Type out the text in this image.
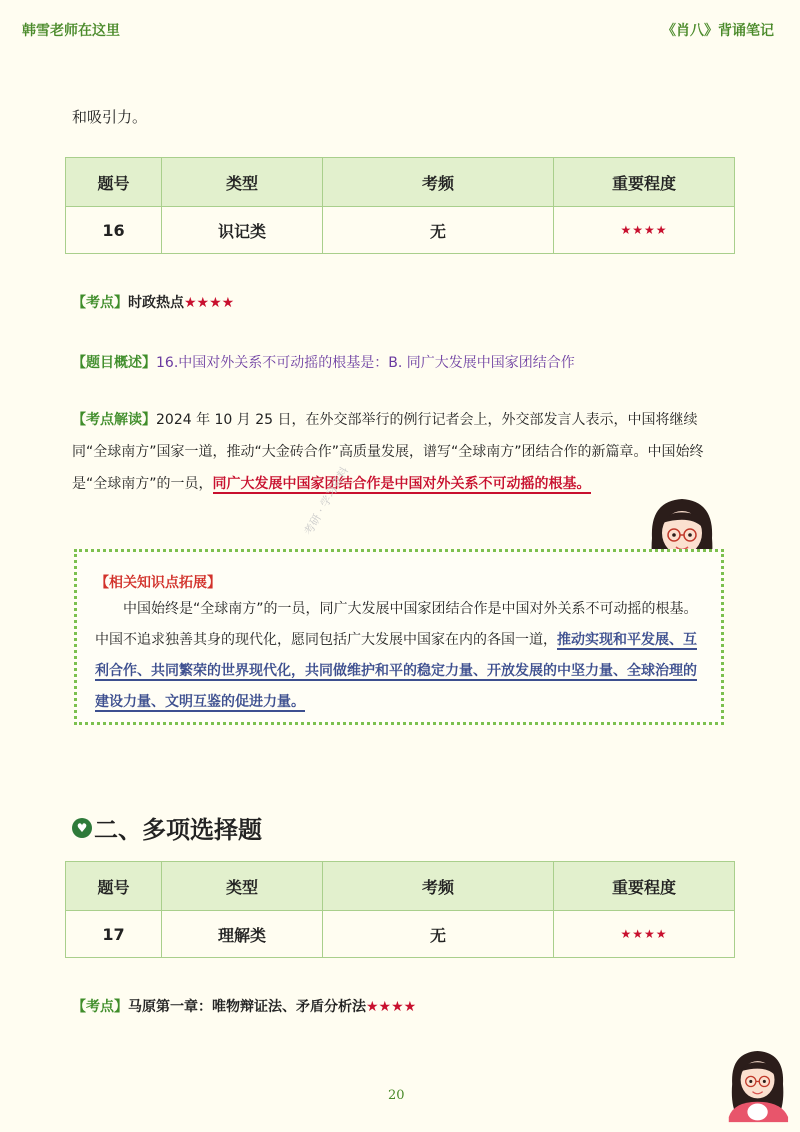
韩雪老师在这里	《肖八》背诵笔记
和吸引力。
题号	类型	考频	重要程度
16	识记类	无	★★★★
【考点】时政热点★★★★
【题目概述】16.中国对外关系不可动摇的根基是：B. 同广大发展中国家团结合作
【考点解读】2024 年 10 月 25 日，在外交部举行的例行记者会上，外交部发言人表示，中国将继续同“全球南方”国家一道，推动“大金砖合作”高质量发展，谱写“全球南方”团结合作的新篇章。中国始终是“全球南方”的一员，同广大发展中国家团结合作是中国对外关系不可动摇的根基。
考研 · 学习资料
【相关知识点拓展】
中国始终是“全球南方”的一员，同广大发展中国家团结合作是中国对外关系不可动摇的根基。中国不追求独善其身的现代化，愿同包括广大发展中国家在内的各国一道，推动实现和平发展、互利合作、共同繁荣的世界现代化，共同做维护和平的稳定力量、开放发展的中坚力量、全球治理的建设力量、文明互鉴的促进力量。
♥ 二、多项选择题
题号	类型	考频	重要程度
17	理解类	无	★★★★
【考点】马原第一章：唯物辩证法、矛盾分析法★★★★
20
